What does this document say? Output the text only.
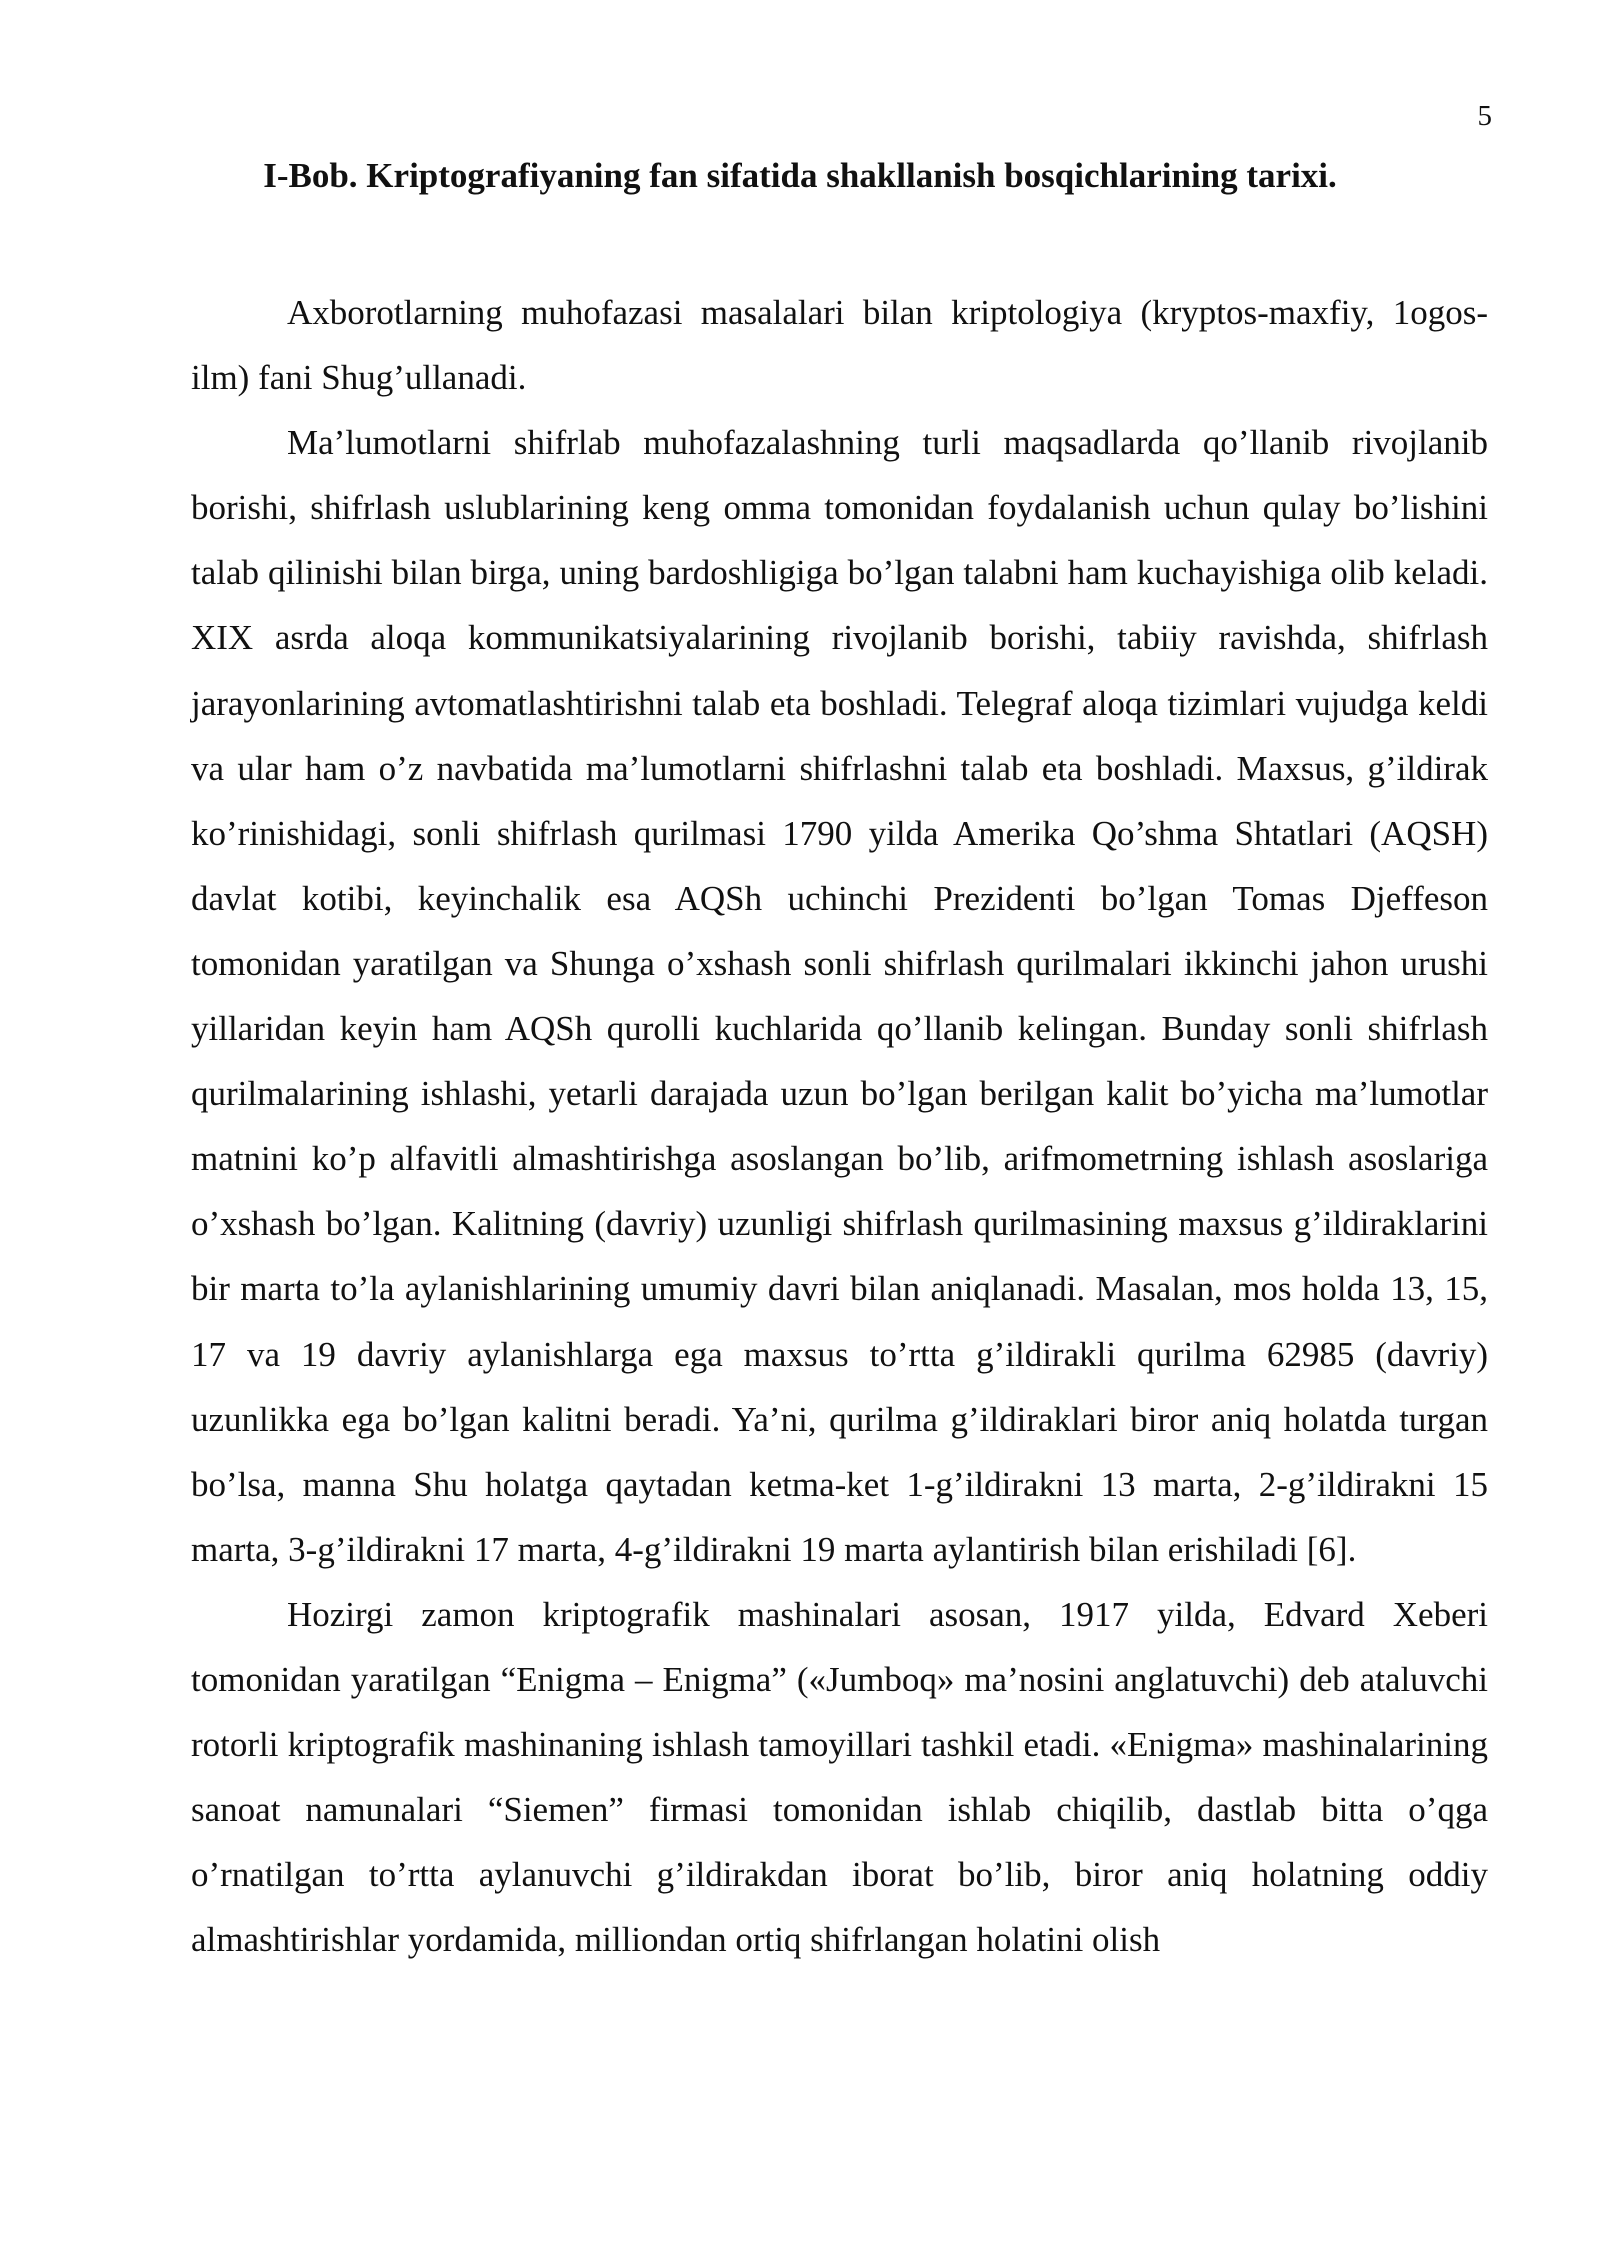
5
I-Bob. Kriptografiyaning fan sifatida shakllanish bosqichlarining tarixi.

Axborotlarning muhofazasi masalalari bilan kriptologiya (kryptos-maxfiy, 1ogos-ilm) fani Shug’ullanadi.

Ma’lumotlarni shifrlab muhofazalashning turli maqsadlarda qo’llanib rivojlanib borishi, shifrlash uslublarining keng omma tomonidan foydalanish uchun qulay bo’lishini talab qilinishi bilan birga, uning bardoshligiga bo’lgan talabni ham kuchayishiga olib keladi. XIX asrda aloqa kommunikatsiyalarining rivojlanib borishi, tabiiy ravishda, shifrlash jarayonlarining avtomatlashtirishni talab eta boshladi. Telegraf aloqa tizimlari vujudga keldi va ular ham o’z navbatida ma’lumotlarni shifrlashni talab eta boshladi. Maxsus, g’ildirak ko’rinishidagi, sonli shifrlash qurilmasi 1790 yilda Amerika Qo’shma Shtatlari (AQSH) davlat kotibi, keyinchalik esa AQSh uchinchi Prezidenti bo’lgan Tomas Djeffeson tomonidan yaratilgan va Shunga o’xshash sonli shifrlash qurilmalari ikkinchi jahon urushi yillaridan keyin ham AQSh qurolli kuchlarida qo’llanib kelingan. Bunday sonli shifrlash qurilmalarining ishlashi, yetarli darajada uzun bo’lgan berilgan kalit bo’yicha ma’lumotlar matnini ko’p alfavitli almashtirishga asoslangan bo’lib, arifmometrning ishlash asoslariga o’xshash bo’lgan. Kalitning (davriy) uzunligi shifrlash qurilmasining maxsus g’ildiraklarini bir marta to’la aylanishlarining umumiy davri bilan aniqlanadi. Masalan, mos holda 13, 15, 17 va 19 davriy aylanishlarga ega maxsus to’rtta g’ildirakli qurilma 62985 (davriy) uzunlikka ega bo’lgan kalitni beradi. Ya’ni, qurilma g’ildiraklari biror aniq holatda turgan bo’lsa, manna Shu holatga qaytadan ketma-ket 1-g’ildirakni 13 marta, 2-g’ildirakni 15 marta, 3-g’ildirakni 17 marta, 4-g’ildirakni 19 marta aylantirish bilan erishiladi [6].

Hozirgi zamon kriptografik mashinalari asosan, 1917 yilda, Edvard Xeberi tomonidan yaratilgan “Enigma – Enigma” («Jumboq» ma’nosini anglatuvchi) deb ataluvchi rotorli kriptografik mashinaning ishlash tamoyillari tashkil etadi. «Enigma» mashinalarining sanoat namunalari “Siemen” firmasi tomonidan ishlab chiqilib, dastlab bitta o’qga o’rnatilgan to’rtta aylanuvchi g’ildirakdan iborat bo’lib, biror aniq holatning oddiy almashtirishlar yordamida, milliondan ortiq shifrlangan holatini olish
